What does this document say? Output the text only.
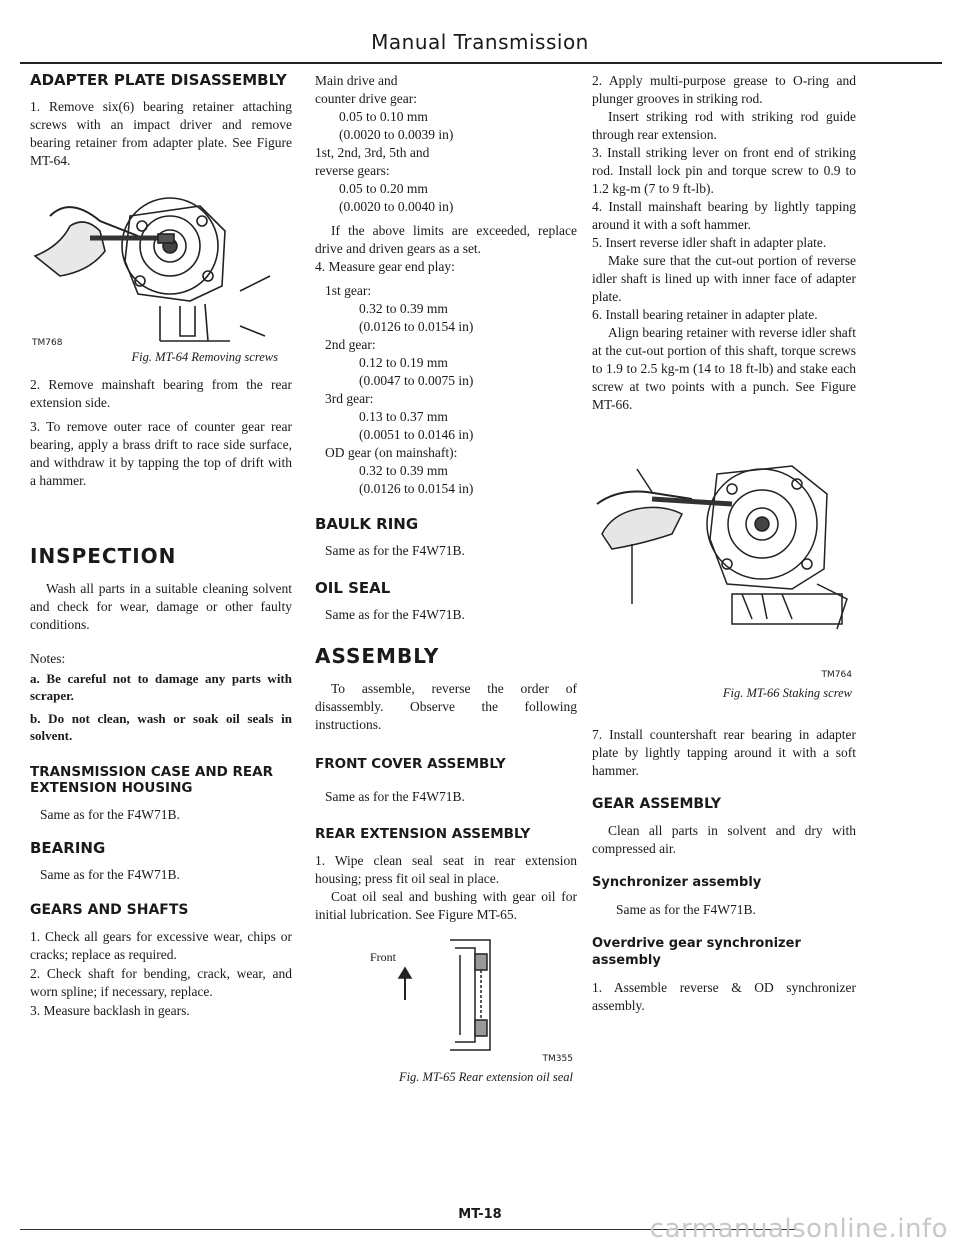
Manual Transmission
ADAPTER PLATE DISASSEMBLY

1. Remove six(6) bearing retainer attaching screws with an impact driver and remove bearing retainer from adapter plate. See Figure MT-64.

TM768
Fig. MT-64 Removing screws

2. Remove mainshaft bearing from the rear extension side.

3. To remove outer race of counter gear rear bearing, apply a brass drift to race side surface, and withdraw it by tapping the top of drift with a hammer.

INSPECTION

Wash all parts in a suitable cleaning solvent and check for wear, damage or other faulty conditions.

Notes:

a. Be careful not to damage any parts with scraper.

b. Do not clean, wash or soak oil seals in solvent.

TRANSMISSION CASE AND REAR EXTENSION HOUSING

Same as for the F4W71B.

BEARING

Same as for the F4W71B.

GEARS AND SHAFTS

1. Check all gears for excessive wear, chips or cracks; replace as required.

2. Check shaft for bending, crack, wear, and worn spline; if necessary, replace.

3. Measure backlash in gears.

Main drive and

counter drive gear:

0.05 to 0.10 mm

(0.0020 to 0.0039 in)

1st, 2nd, 3rd, 5th and

reverse gears:

0.05 to 0.20 mm

(0.0020 to 0.0040 in)

If the above limits are exceeded, replace drive and driven gears as a set.

4. Measure gear end play:

1st gear:

0.32 to 0.39 mm

(0.0126 to 0.0154 in)

2nd gear:

0.12 to 0.19 mm

(0.0047 to 0.0075 in)

3rd gear:

0.13 to 0.37 mm

(0.0051 to 0.0146 in)

OD gear (on mainshaft):

0.32 to 0.39 mm

(0.0126 to 0.0154 in)

BAULK RING

Same as for the F4W71B.

OIL SEAL

Same as for the F4W71B.

ASSEMBLY

To assemble, reverse the order of disassembly. Observe the following instructions.

FRONT COVER ASSEMBLY

Same as for the F4W71B.

REAR EXTENSION ASSEMBLY

1. Wipe clean seal seat in rear extension housing; press fit oil seal in place.

Coat oil seal and bushing with gear oil for initial lubrication. See Figure MT-65.

Front
TM355
Fig. MT-65 Rear extension oil seal

2. Apply multi-purpose grease to O-ring and plunger grooves in striking rod.

Insert striking rod with striking rod guide through rear extension.

3. Install striking lever on front end of striking rod. Install lock pin and torque screw to 0.9 to 1.2 kg-m (7 to 9 ft-lb).

4. Install mainshaft bearing by lightly tapping around it with a soft hammer.

5. Insert reverse idler shaft in adapter plate.

Make sure that the cut-out portion of reverse idler shaft is lined up with inner face of adapter plate.

6. Install bearing retainer in adapter plate.

Align bearing retainer with reverse idler shaft at the cut-out portion of this shaft, torque screws to 1.9 to 2.5 kg-m (14 to 18 ft-lb) and stake each screw at two points with a punch. See Figure MT-66.

TM764
Fig. MT-66 Staking screw

7. Install countershaft rear bearing in adapter plate by lightly tapping around it with a soft hammer.

GEAR ASSEMBLY

Clean all parts in solvent and dry with compressed air.

Synchronizer assembly

Same as for the F4W71B.

Overdrive gear synchronizer assembly

1. Assemble reverse & OD synchronizer assembly.

MT-18	carmanualsonline.info
